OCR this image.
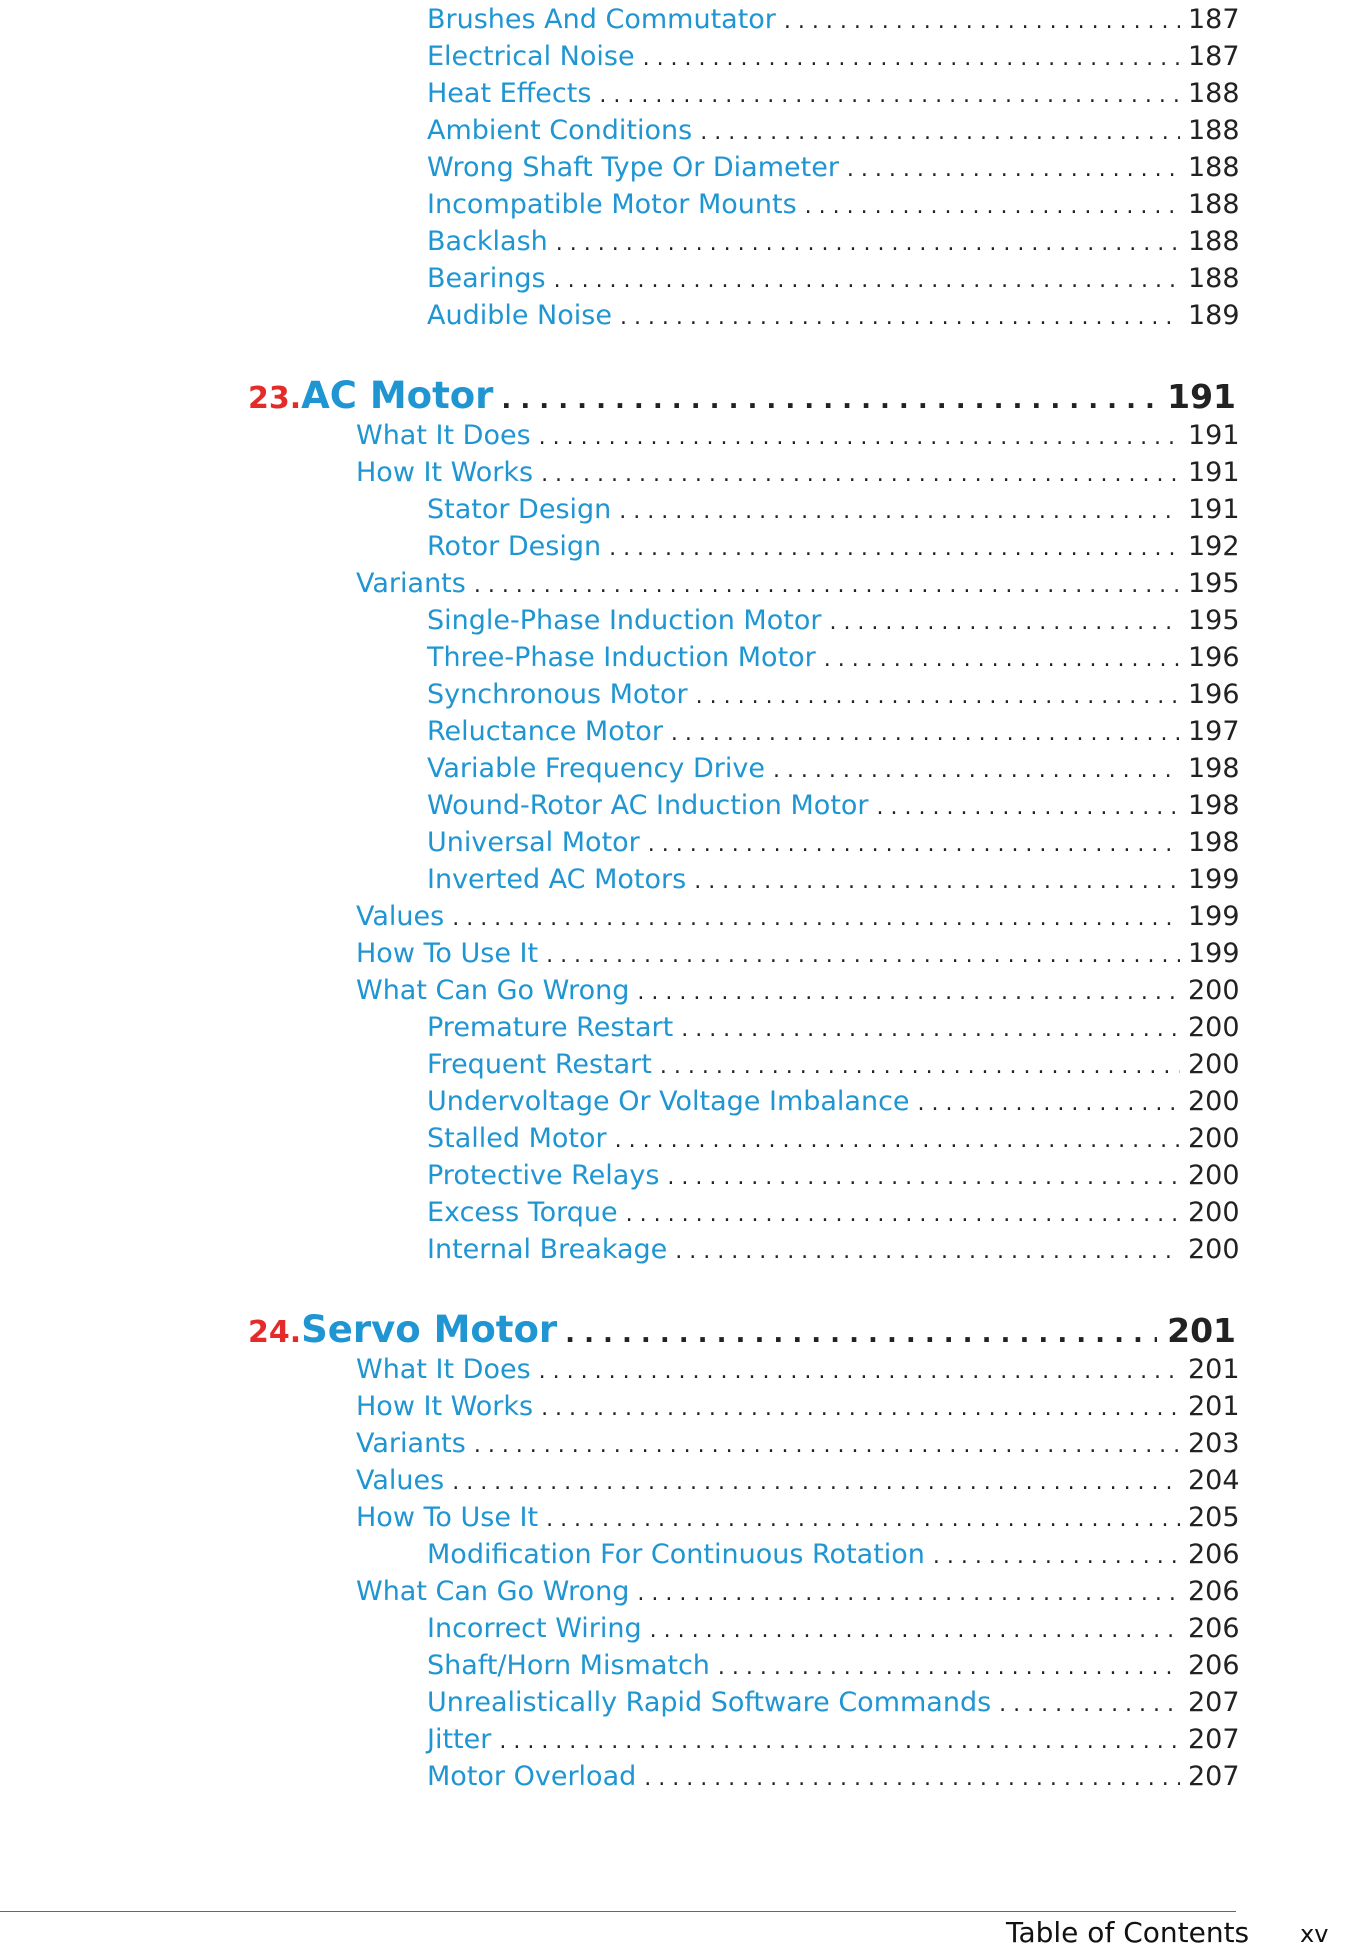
Brushes And Commutator . . .	187
Electrical Noise . . .	187
Heat Effects . . .	188
Ambient Conditions . . .	188
Wrong Shaft Type Or Diameter . . .	188
Incompatible Motor Mounts . . .	188
Backlash . . .	188
Bearings . . .	188
Audible Noise . . .	189
23. AC Motor . . .	191
What It Does . . .	191
How It Works . . .	191
Stator Design . . .	191
Rotor Design . . .	192
Variants . . .	195
Single-Phase Induction Motor . . .	195
Three-Phase Induction Motor . . .	196
Synchronous Motor . . .	196
Reluctance Motor . . .	197
Variable Frequency Drive . . .	198
Wound-Rotor AC Induction Motor . . .	198
Universal Motor . . .	198
Inverted AC Motors . . .	199
Values . . .	199
How To Use It . . .	199
What Can Go Wrong . . .	200
Premature Restart . . .	200
Frequent Restart . . .	200
Undervoltage Or Voltage Imbalance . . .	200
Stalled Motor . . .	200
Protective Relays . . .	200
Excess Torque . . .	200
Internal Breakage . . .	200
24. Servo Motor . . .	201
What It Does . . .	201
How It Works . . .	201
Variants . . .	203
Values . . .	204
How To Use It . . .	205
Modification For Continuous Rotation . . .	206
What Can Go Wrong . . .	206
Incorrect Wiring . . .	206
Shaft/Horn Mismatch . . .	206
Unrealistically Rapid Software Commands . . .	207
Jitter . . .	207
Motor Overload . . .	207
Table of Contents xv
